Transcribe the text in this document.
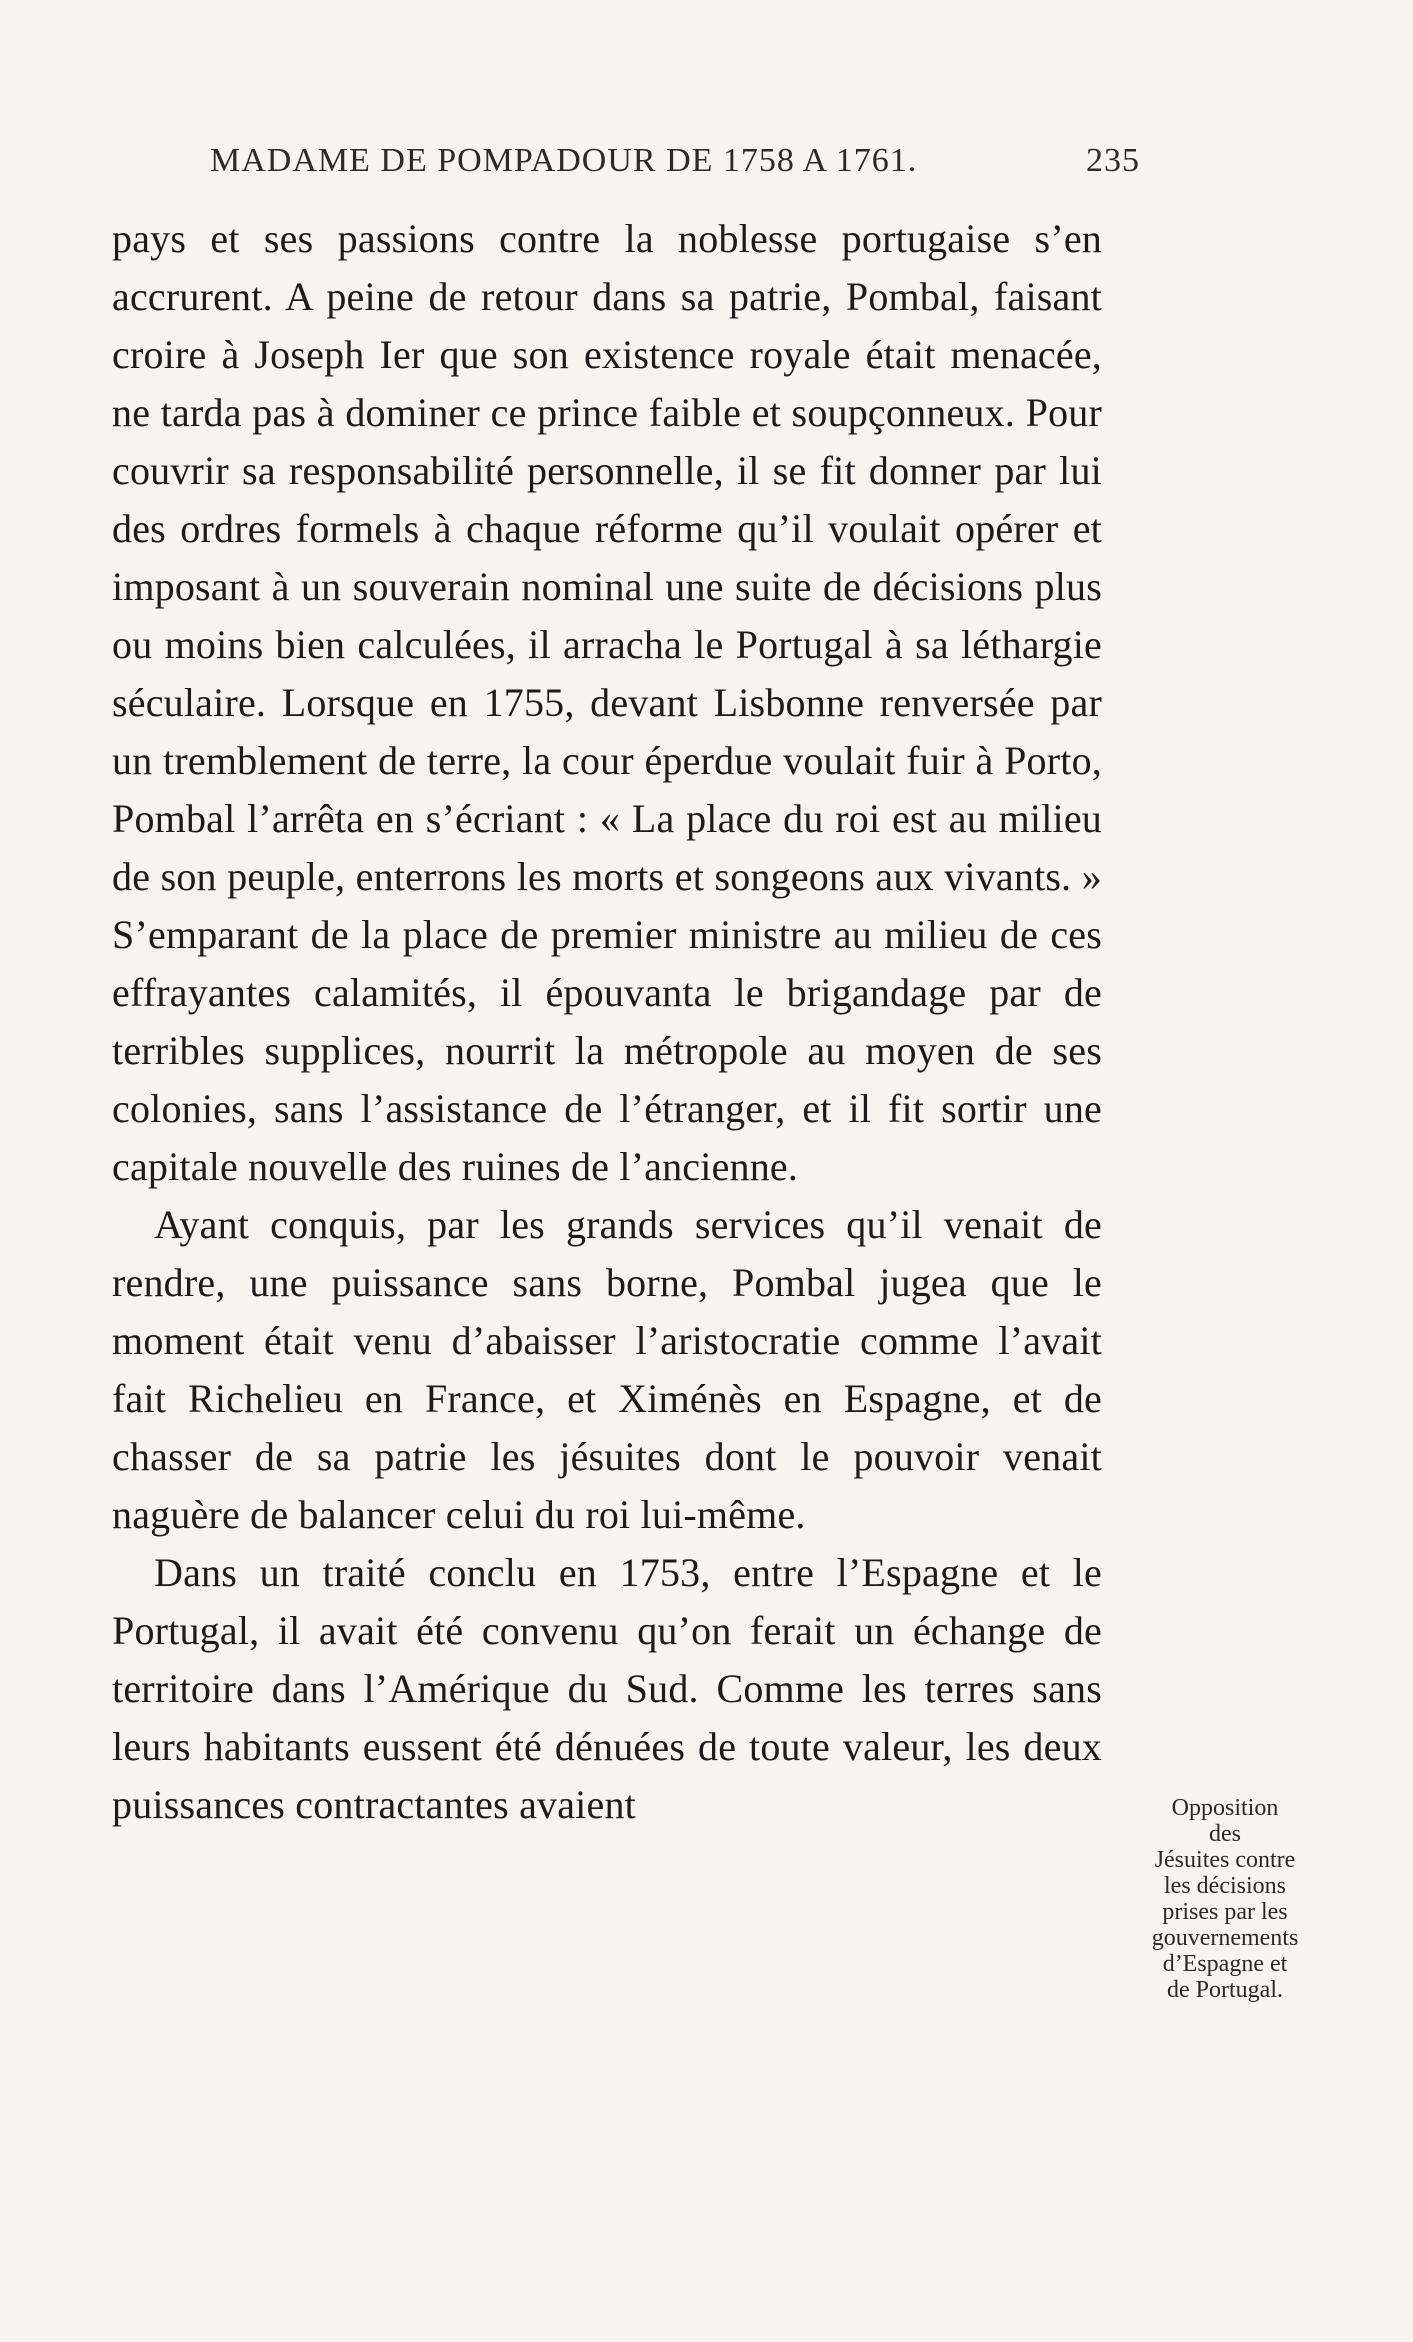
MADAME DE POMPADOUR DE 1758 A 1761.	235

pays et ses passions contre la noblesse portugaise s’en accrurent. A peine de retour dans sa patrie, Pombal, faisant croire à Joseph Ier que son existence royale était menacée, ne tarda pas à dominer ce prince faible et soupçonneux. Pour couvrir sa responsabilité personnelle, il se fit donner par lui des ordres formels à chaque réforme qu’il voulait opérer et imposant à un souverain nominal une suite de décisions plus ou moins bien calculées, il arracha le Portugal à sa léthargie séculaire. Lorsque en 1755, devant Lisbonne renversée par un tremblement de terre, la cour éperdue voulait fuir à Porto, Pombal l’arrêta en s’écriant : « La place du roi est au milieu de son peuple, enterrons les morts et songeons aux vivants. » S’emparant de la place de premier ministre au milieu de ces effrayantes calamités, il épouvanta le brigandage par de terribles supplices, nourrit la métropole au moyen de ses colonies, sans l’assistance de l’étranger, et il fit sortir une capitale nouvelle des ruines de l’ancienne.

Ayant conquis, par les grands services qu’il venait de rendre, une puissance sans borne, Pombal jugea que le moment était venu d’abaisser l’aristocratie comme l’avait fait Richelieu en France, et Ximénès en Espagne, et de chasser de sa patrie les jésuites dont le pouvoir venait naguère de balancer celui du roi lui-même.

Dans un traité conclu en 1753, entre l’Espagne et le Portugal, il avait été convenu qu’on ferait un échange de territoire dans l’Amérique du Sud. Comme les terres sans leurs habitants eussent été dénuées de toute valeur, les deux puissances contractantes avaient	Opposition
des
Jésuites contre
les décisions
prises par les
gouvernements
d’Espagne et
de Portugal.
